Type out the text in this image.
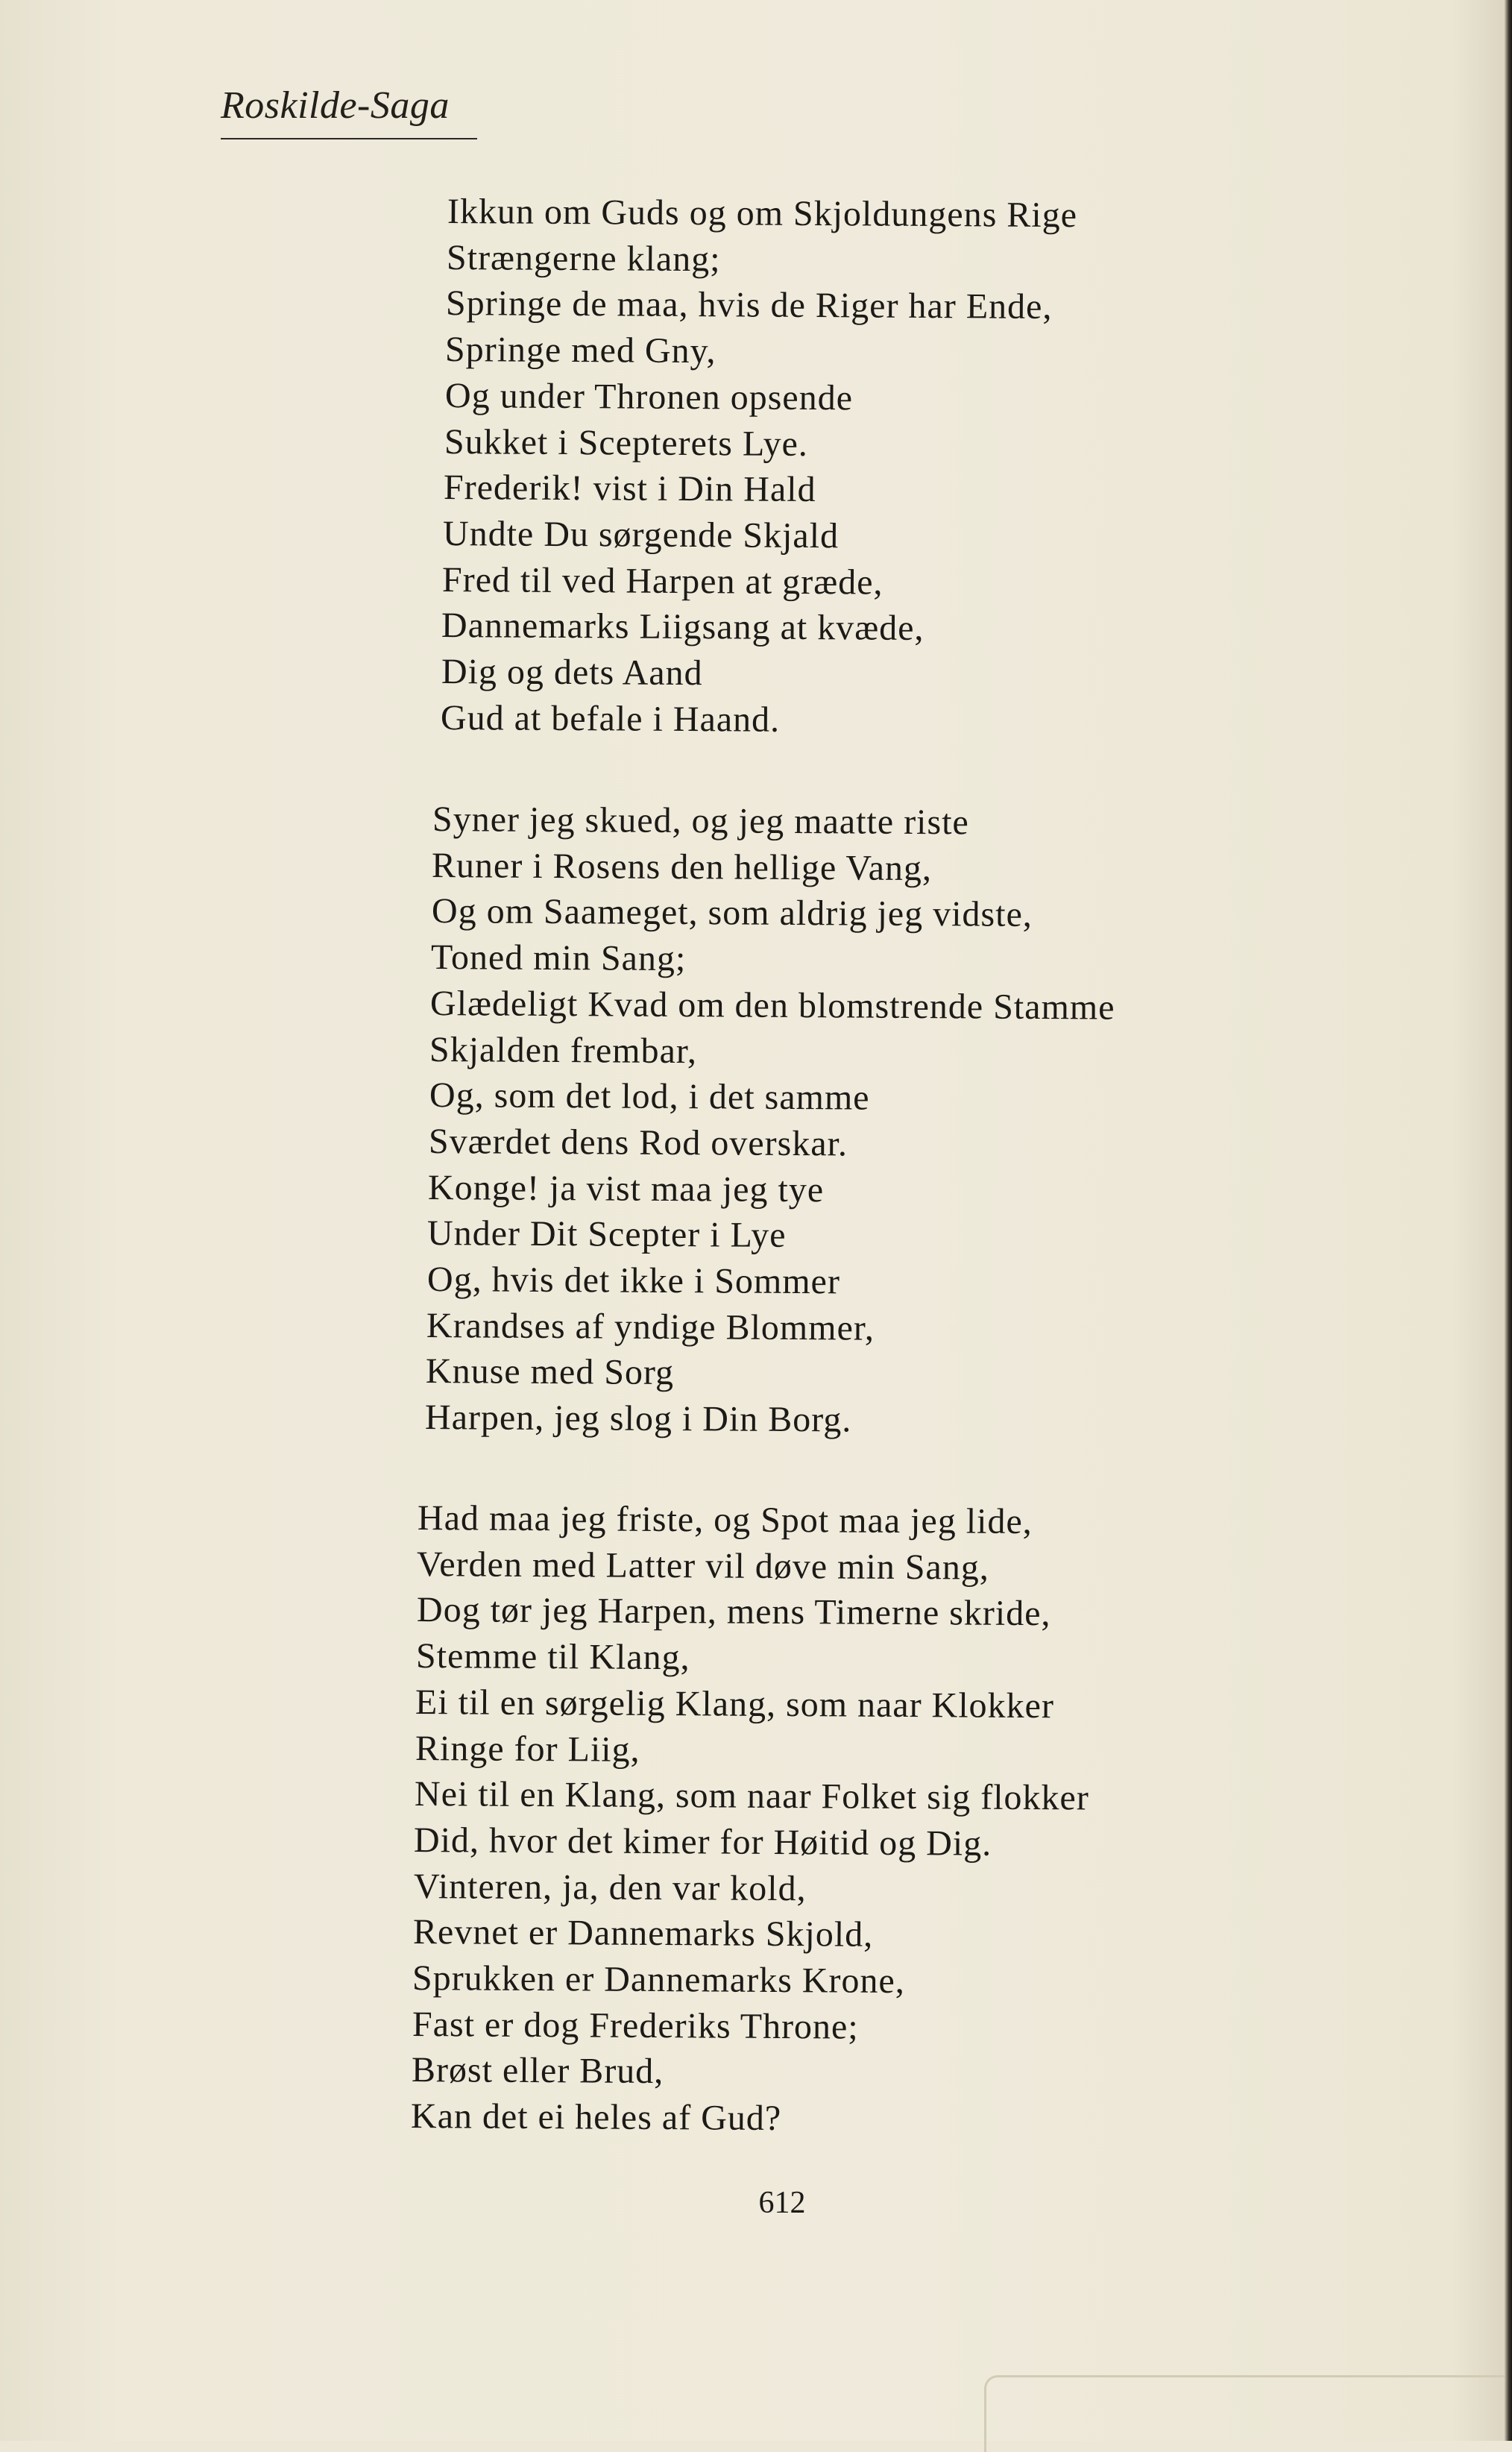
Roskilde-Saga
Ikkun om Guds og om Skjoldungens Rige
Strængerne klang;
Springe de maa, hvis de Riger har Ende,
Springe med Gny,
Og under Thronen opsende
Sukket i Scepterets Lye.
Frederik! vist i Din Hald
Undte Du sørgende Skjald
Fred til ved Harpen at græde,
Dannemarks Liigsang at kvæde,
Dig og dets Aand
Gud at befale i Haand.
Syner jeg skued, og jeg maatte riste
Runer i Rosens den hellige Vang,
Og om Saameget, som aldrig jeg vidste,
Toned min Sang;
Glædeligt Kvad om den blomstrende Stamme
Skjalden frembar,
Og, som det lod, i det samme
Sværdet dens Rod overskar.
Konge! ja vist maa jeg tye
Under Dit Scepter i Lye
Og, hvis det ikke i Sommer
Krandses af yndige Blommer,
Knuse med Sorg
Harpen, jeg slog i Din Borg.
Had maa jeg friste, og Spot maa jeg lide,
Verden med Latter vil døve min Sang,
Dog tør jeg Harpen, mens Timerne skride,
Stemme til Klang,
Ei til en sørgelig Klang, som naar Klokker
Ringe for Liig,
Nei til en Klang, som naar Folket sig flokker
Did, hvor det kimer for Høitid og Dig.
Vinteren, ja, den var kold,
Revnet er Dannemarks Skjold,
Sprukken er Dannemarks Krone,
Fast er dog Frederiks Throne;
Brøst eller Brud,
Kan det ei heles af Gud?
612
